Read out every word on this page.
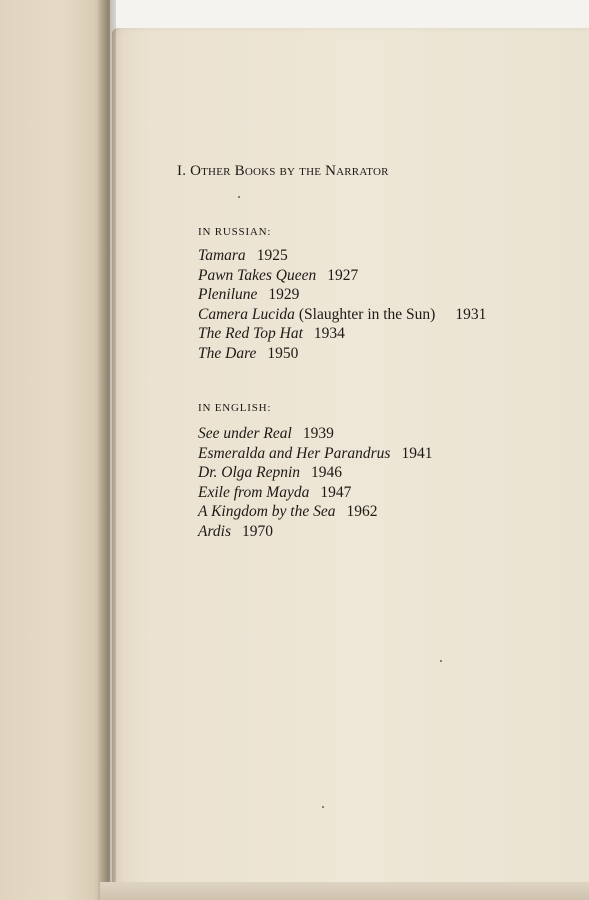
I. Other Books by the Narrator
IN RUSSIAN:
Tamara 1925
Pawn Takes Queen 1927
Plenilune 1929
Camera Lucida (Slaughter in the Sun) 1931
The Red Top Hat 1934
The Dare 1950
IN ENGLISH:
See under Real 1939
Esmeralda and Her Parandrus 1941
Dr. Olga Repnin 1946
Exile from Mayda 1947
A Kingdom by the Sea 1962
Ardis 1970
